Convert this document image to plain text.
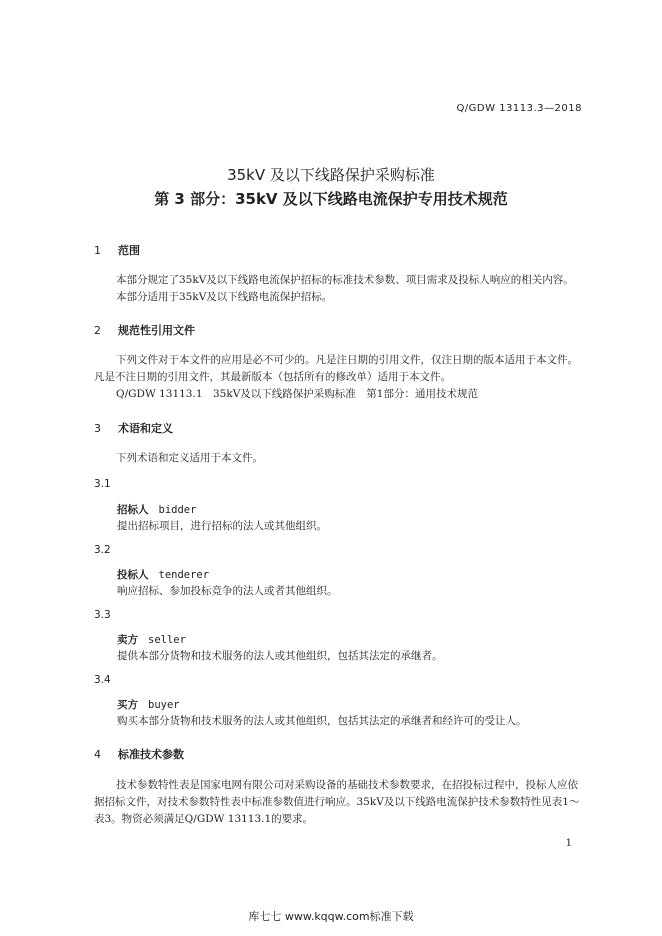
Q/GDW 13113.3—2018
35kV 及以下线路保护采购标准
第 3 部分：35kV 及以下线路电流保护专用技术规范
1 范围
本部分规定了35kV及以下线路电流保护招标的标准技术参数、项目需求及投标人响应的相关内容。
本部分适用于35kV及以下线路电流保护招标。
2 规范性引用文件
下列文件对于本文件的应用是必不可少的。凡是注日期的引用文件，仅注日期的版本适用于本文件。凡是不注日期的引用文件，其最新版本（包括所有的修改单）适用于本文件。
Q/GDW 13113.1　35kV及以下线路保护采购标准　第1部分：通用技术规范
3 术语和定义
下列术语和定义适用于本文件。
3.1
招标人 bidder
提出招标项目，进行招标的法人或其他组织。
3.2
投标人 tenderer
响应招标、参加投标竞争的法人或者其他组织。
3.3
卖方 seller
提供本部分货物和技术服务的法人或其他组织，包括其法定的承继者。
3.4
买方 buyer
购买本部分货物和技术服务的法人或其他组织，包括其法定的承继者和经许可的受让人。
4 标准技术参数
技术参数特性表是国家电网有限公司对采购设备的基础技术参数要求，在招投标过程中，投标人应依据招标文件，对技术参数特性表中标准参数值进行响应。35kV及以下线路电流保护技术参数特性见表1～表3。物资必须满足Q/GDW 13113.1的要求。
1
库七七 www.kqqw.com标准下载
